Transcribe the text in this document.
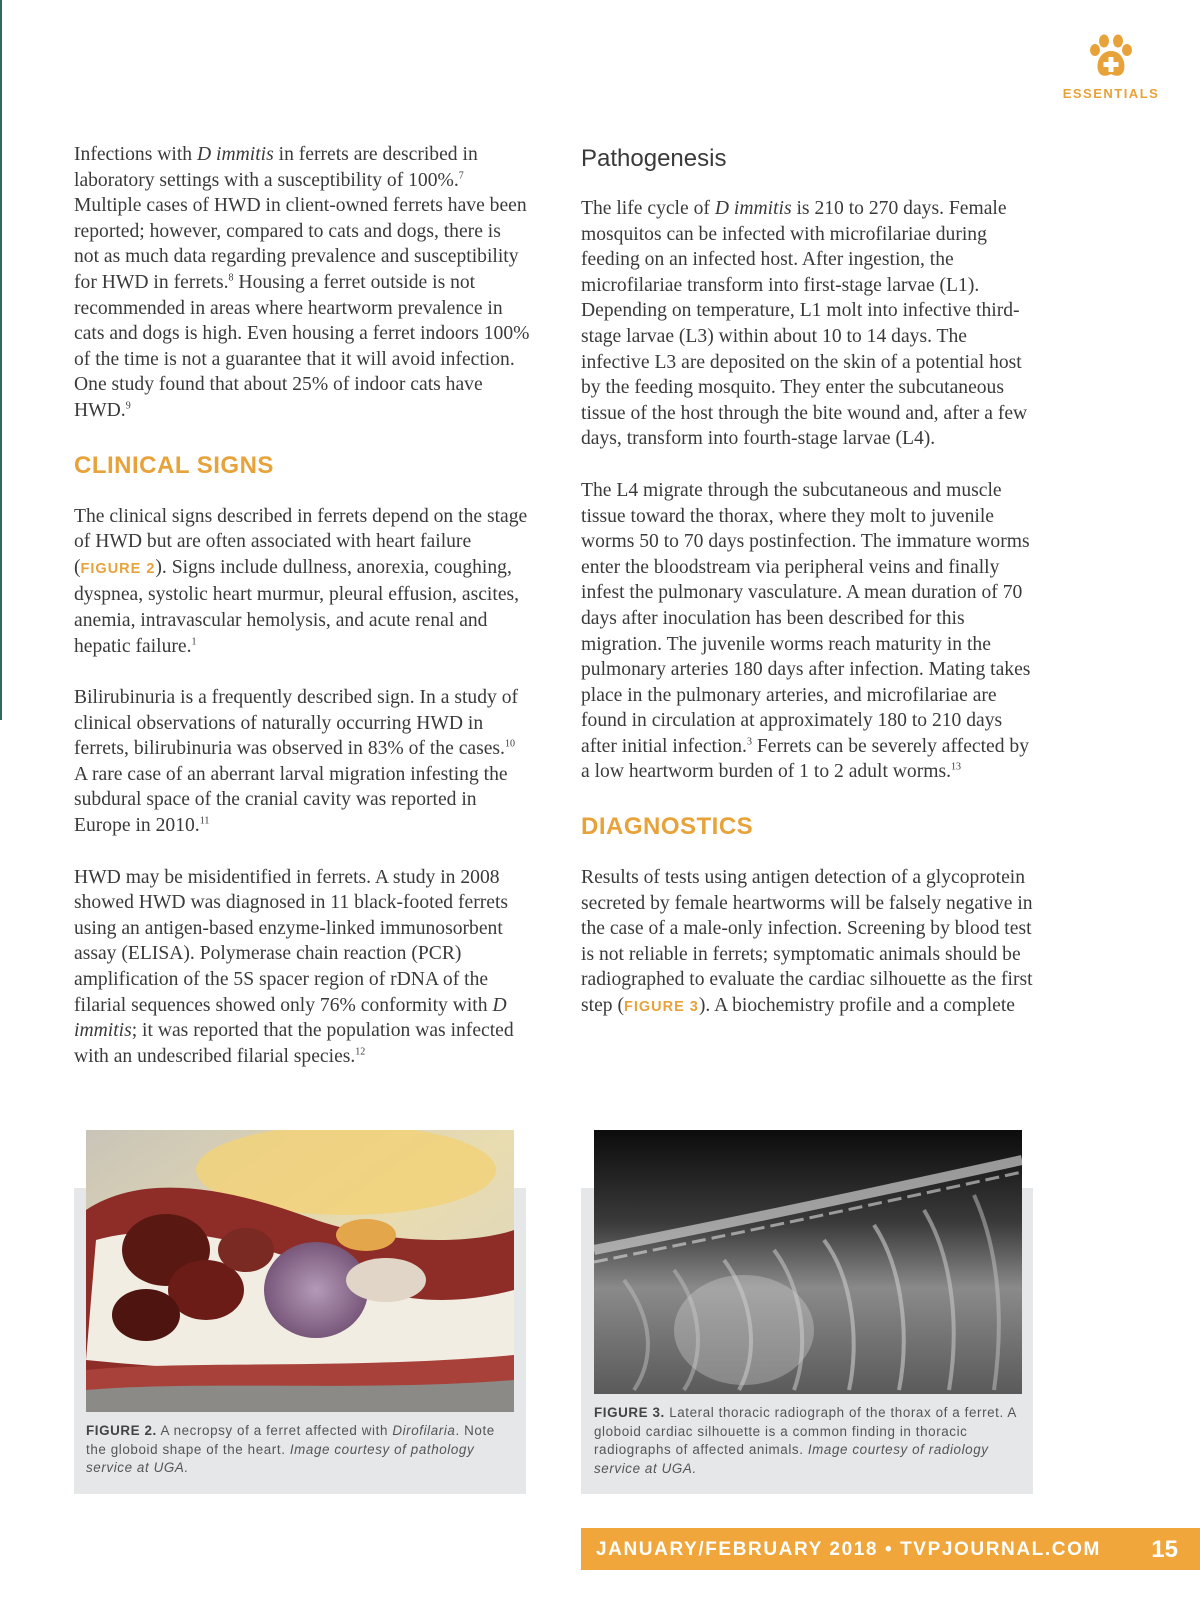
ESSENTIALS

Infections with D immitis in ferrets are described in laboratory settings with a susceptibility of 100%.$^7$ Multiple cases of HWD in client-owned ferrets have been reported; however, compared to cats and dogs, there is not as much data regarding prevalence and susceptibility for HWD in ferrets.$^8$ Housing a ferret outside is not recommended in areas where heartworm prevalence in cats and dogs is high. Even housing a ferret indoors 100% of the time is not a guarantee that it will avoid infection. One study found that about 25% of indoor cats have HWD.$^9$

CLINICAL SIGNS

The clinical signs described in ferrets depend on the stage of HWD but are often associated with heart failure (FIGURE 2). Signs include dullness, anorexia, coughing, dyspnea, systolic heart murmur, pleural effusion, ascites, anemia, intravascular hemolysis, and acute renal and hepatic failure.$^1$

Bilirubinuria is a frequently described sign. In a study of clinical observations of naturally occurring HWD in ferrets, bilirubinuria was observed in 83% of the cases.$^{10}$ A rare case of an aberrant larval migration infesting the subdural space of the cranial cavity was reported in Europe in 2010.11

HWD may be misidentified in ferrets. A study in 2008 showed HWD was diagnosed in 11 black-footed ferrets using an antigen-based enzyme-linked immunosorbent assay (ELISA). Polymerase chain reaction (PCR) amplification of the 5S spacer region of rDNA of the filarial sequences showed only 76% conformity with D immitis; it was reported that the population was infected with an undescribed filarial species.$^{12}$

Pathogenesis

The life cycle of D immitis is 210 to 270 days. Female mosquitos can be infected with microfilariae during feeding on an infected host. After ingestion, the microfilariae transform into first-stage larvae (L1). Depending on temperature, L1 molt into infective third-stage larvae (L3) within about 10 to 14 days. The infective L3 are deposited on the skin of a potential host by the feeding mosquito. They enter the subcutaneous tissue of the host through the bite wound and, after a few days, transform into fourth-stage larvae (L4).

The L4 migrate through the subcutaneous and muscle tissue toward the thorax, where they molt to juvenile worms 50 to 70 days postinfection. The immature worms enter the bloodstream via peripheral veins and finally infest the pulmonary vasculature. A mean duration of 70 days after inoculation has been described for this migration. The juvenile worms reach maturity in the pulmonary arteries 180 days after infection. Mating takes place in the pulmonary arteries, and microfilariae are found in circulation at approximately 180 to 210 days after initial infection.$^3$ Ferrets can be severely affected by a low heartworm burden of 1 to 2 adult worms.$^{13}$

DIAGNOSTICS

Results of tests using antigen detection of a glycoprotein secreted by female heartworms will be falsely negative in the case of a male-only infection. Screening by blood test is not reliable in ferrets; symptomatic animals should be radiographed to evaluate the cardiac silhouette as the first step (FIGURE 3). A biochemistry profile and a complete

FIGURE 2. A necropsy of a ferret affected with Dirofilaria. Note the globoid shape of the heart. Image courtesy of pathology service at UGA.
FIGURE 3. Lateral thoracic radiograph of the thorax of a ferret. A globoid cardiac silhouette is a common finding in thoracic radiographs of affected animals. Image courtesy of radiology service at UGA.
JANUARY/FEBRUARY 2018 • TVPJOURNAL.COM 15
